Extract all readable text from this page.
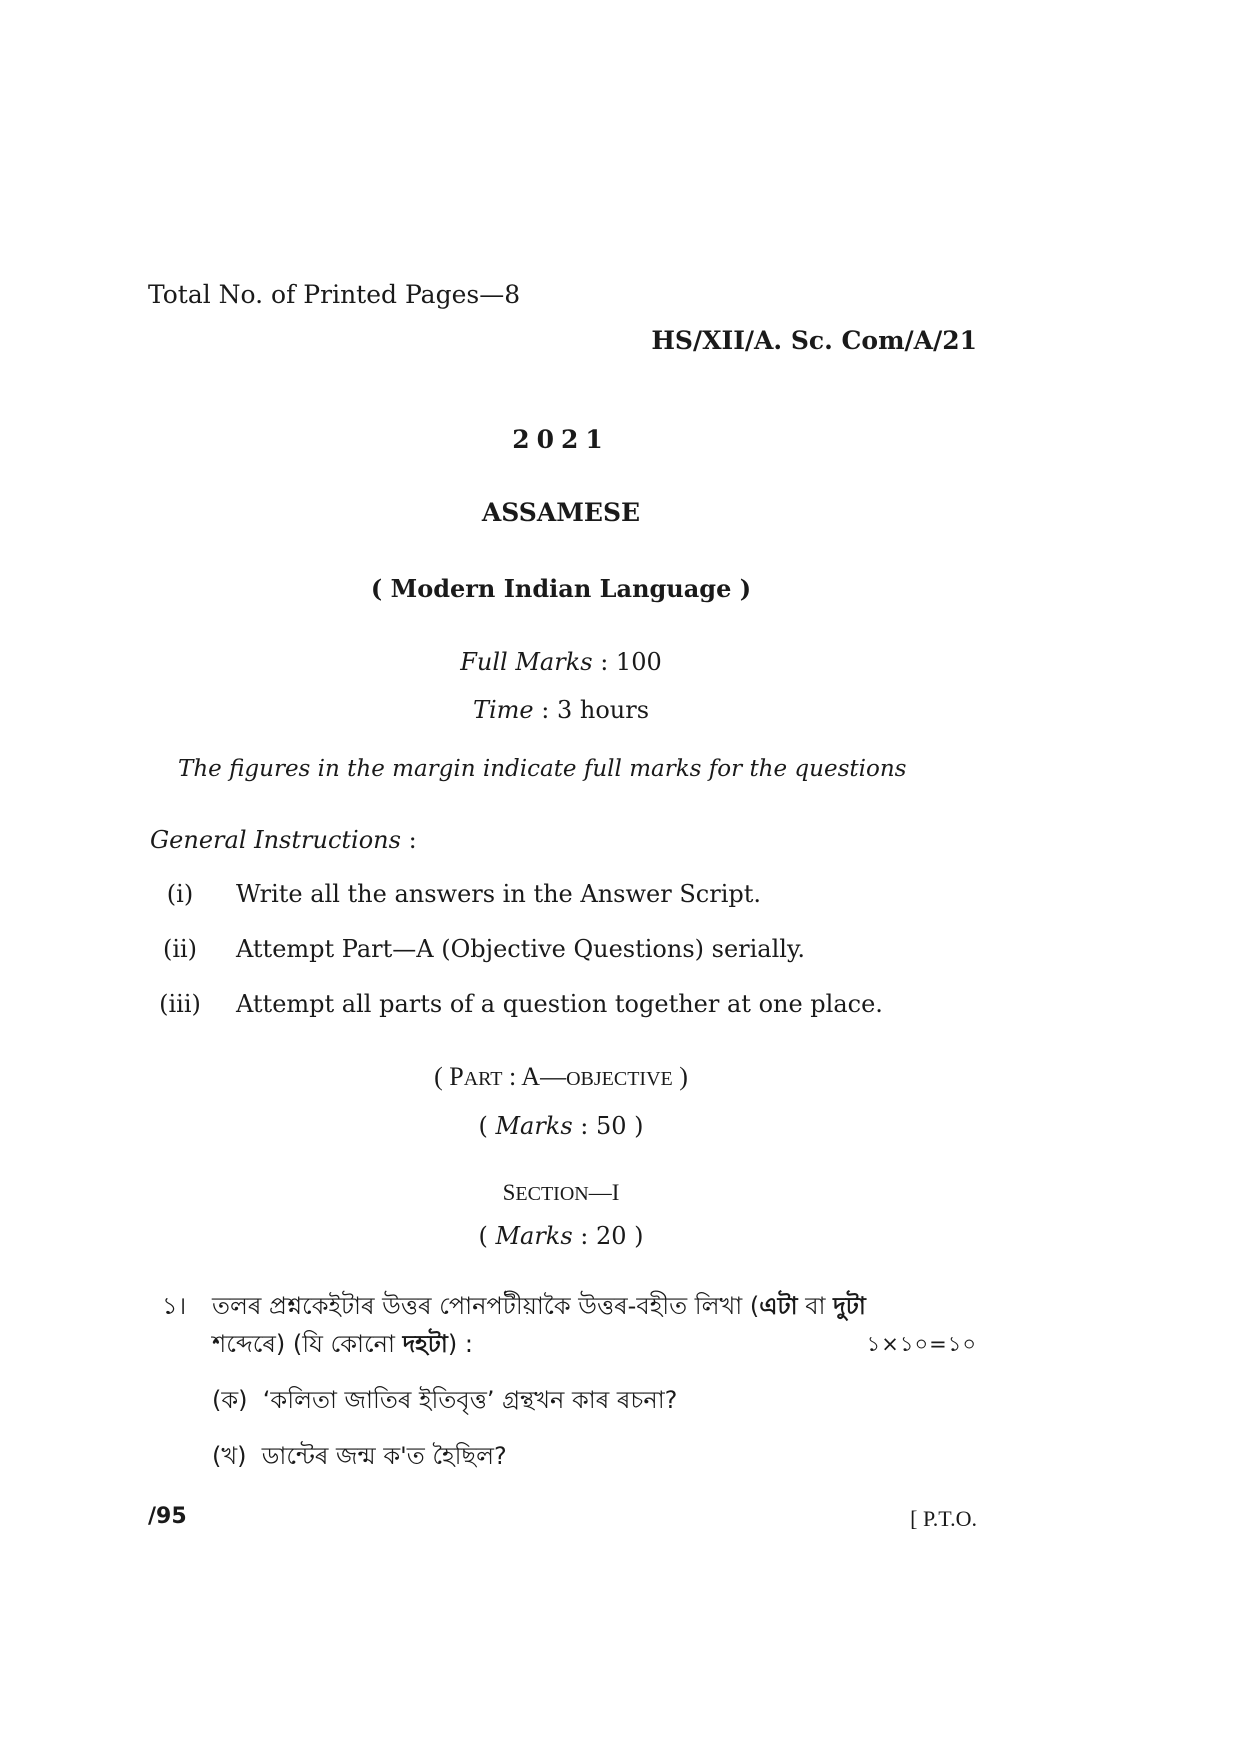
Total No. of Printed Pages—8
HS/XII/A. Sc. Com/A/21
2021
ASSAMESE
( Modern Indian Language )
Full Marks : 100
Time : 3 hours
The figures in the margin indicate full marks for the questions
General Instructions :
(i)	Write all the answers in the Answer Script.
(ii)	Attempt Part—A (Objective Questions) serially.
(iii)	Attempt all parts of a question together at one place.
( PART : A—OBJECTIVE )
( Marks : 50 )
SECTION—I
( Marks : 20 )
১। তলৰ প্ৰশ্নকেইটাৰ উত্তৰ পোনপটীয়াকৈ উত্তৰ-বহীত লিখা (এটা বা দুটা
শব্দেৰে) (যি কোনো দহটা) :	১×১০=১০
(ক) ‘কলিতা জাতিৰ ইতিবৃত্ত’ গ্ৰন্থখন কাৰ ৰচনা?
(খ) ডান্টেৰ জন্ম ক'ত হৈছিল?
/95	[ P.T.O.
